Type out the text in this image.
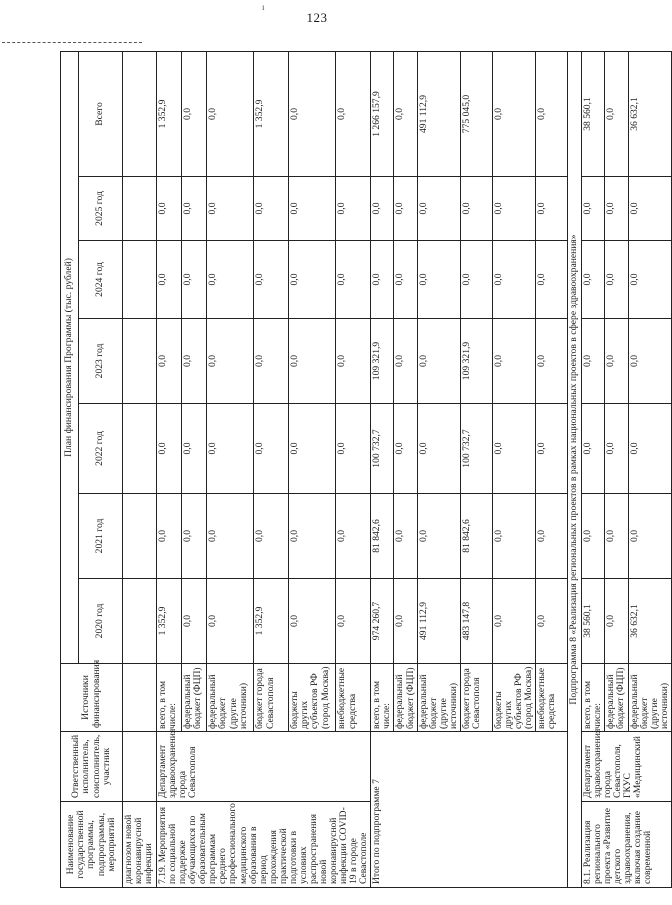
ı
123
Наименование государственной программы, подпрограммы, мероприятий	Ответственный исполнитель, соисполнитель, участник	Источники финансирования	План финансирования Программы (тыс. рублей)						
			2020 год	2021 год	2022 год	2023 год	2024 год	2025 год	Всего
диагнозом новой коронавирусной инфекции									
7.19. Мероприятия по социальной поддержке обучающихся по образовательным программам среднего профессионального медицинского образования в период прохождения практической подготовки в условиях распространения новой коронавирусной инфекции COVID-19 в городе Севастополе	Департамент здравоохранения города Севастополя	всего, в том числе:	1 352,9	0,0	0,0	0,0	0,0	0,0	1 352,9
		федеральный бюджет (ФЦП)	0,0	0,0	0,0	0,0	0,0	0,0	0,0
		федеральный бюджет (другие источники)	0,0	0,0	0,0	0,0	0,0	0,0	0,0
		бюджет города Севастополя	1 352,9	0,0	0,0	0,0	0,0	0,0	1 352,9
		бюджеты других субъектов РФ (город Москва)	0,0	0,0	0,0	0,0	0,0	0,0	0,0
		внебюджетные средства	0,0	0,0	0,0	0,0	0,0	0,0	0,0
Итого по подпрограмме 7		всего, в том числе:	974 260,7	81 842,6	100 732,7	109 321,9	0,0	0,0	1 266 157,9
		федеральный бюджет (ФЦП)	0,0	0,0	0,0	0,0	0,0	0,0	0,0
		федеральный бюджет (другие источники)	491 112,9	0,0	0,0	0,0	0,0	0,0	491 112,9
		бюджет города Севастополя	483 147,8	81 842,6	100 732,7	109 321,9	0,0	0,0	775 045,0
		бюджеты других субъектов РФ (город Москва)	0,0	0,0	0,0	0,0	0,0	0,0	0,0
		внебюджетные средства	0,0	0,0	0,0	0,0	0,0	0,0	0,0
Подпрограмма 8 «Реализация региональных проектов в рамках национальных проектов в сфере здравоохранения»									
8.1. Реализация регионального проекта «Развитие детского здравоохранения, включая создание современной	Департамент здравоохранения города Севастополя, ГКУС «Медицинский	всего, в том числе:	38 560,1	0,0	0,0	0,0	0,0	0,0	38 560,1
		федеральный бюджет (ФЦП)	0,0	0,0	0,0	0,0	0,0	0,0	0,0
		федеральный бюджет (другие источники)	36 632,1	0,0	0,0	0,0	0,0	0,0	36 632,1
